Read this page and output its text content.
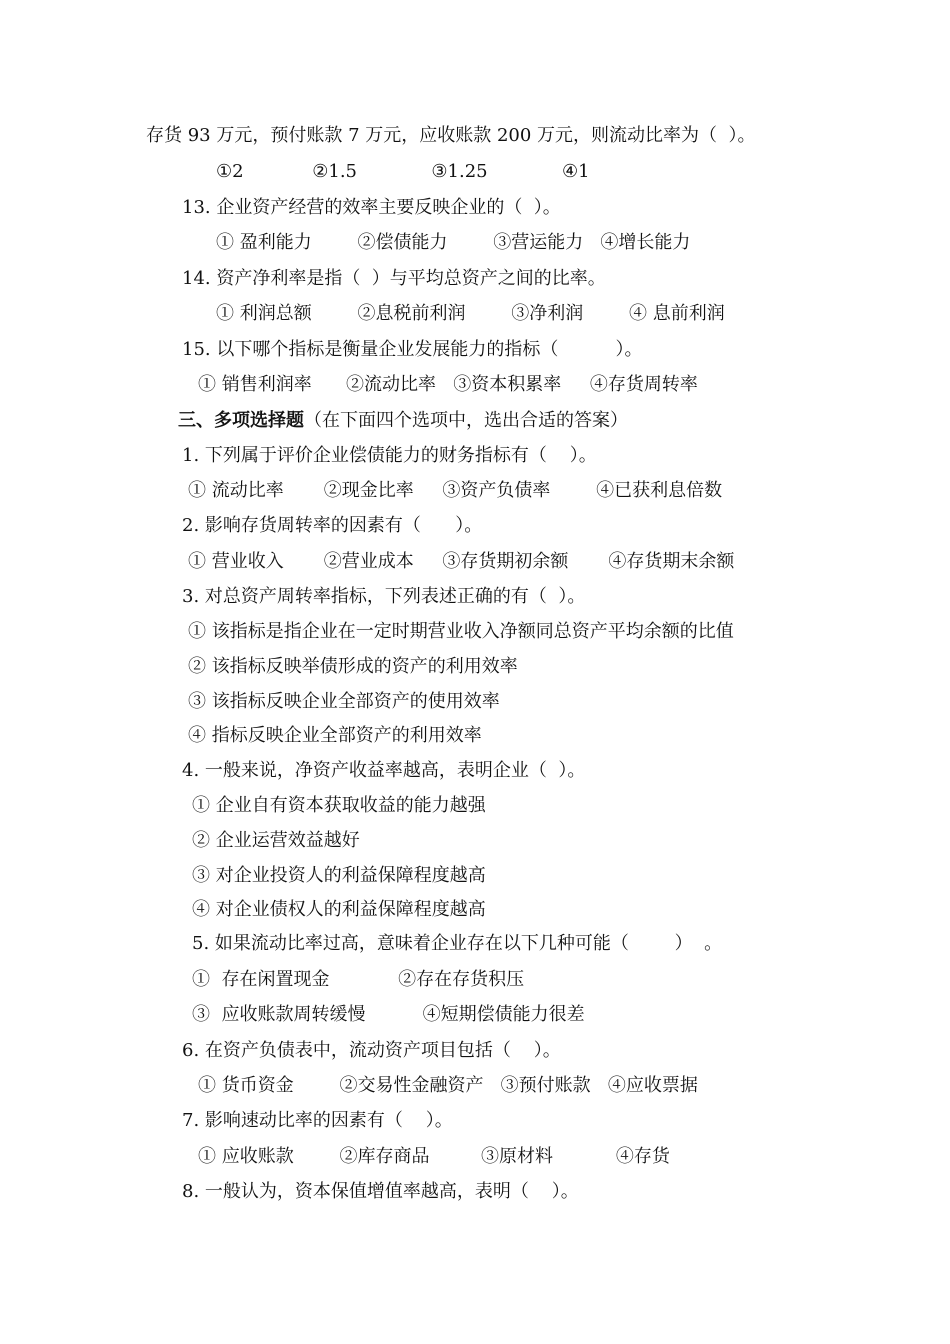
存货 93 万元，预付账款 7 万元，应收账款 200 万元，则流动比率为（  ）。
①2            ②1.5             ③1.25             ④1
13. 企业资产经营的效率主要反映企业的（  ）。
① 盈利能力        ②偿债能力        ③营运能力   ④增长能力
14. 资产净利率是指（  ）与平均总资产之间的比率。
① 利润总额        ②息税前利润        ③净利润        ④ 息前利润
15. 以下哪个指标是衡量企业发展能力的指标（          ）。
① 销售利润率      ②流动比率   ③资本积累率     ④存货周转率
三、多项选择题（在下面四个选项中，选出合适的答案）
1. 下列属于评价企业偿债能力的财务指标有（    ）。
① 流动比率       ②现金比率     ③资产负债率        ④已获利息倍数
2. 影响存货周转率的因素有（      ）。
① 营业收入       ②营业成本     ③存货期初余额       ④存货期末余额
3. 对总资产周转率指标，下列表述正确的有（  ）。
① 该指标是指企业在一定时期营业收入净额同总资产平均余额的比值
② 该指标反映举债形成的资产的利用效率
③ 该指标反映企业全部资产的使用效率
④ 指标反映企业全部资产的利用效率
4. 一般来说，净资产收益率越高，表明企业（  ）。
① 企业自有资本获取收益的能力越强
② 企业运营效益越好
③ 对企业投资人的利益保障程度越高
④ 对企业债权人的利益保障程度越高
5. 如果流动比率过高，意味着企业存在以下几种可能（        ）  。
①  存在闲置现金            ②存在存货积压
③  应收账款周转缓慢          ④短期偿债能力很差
6. 在资产负债表中，流动资产项目包括（    ）。
① 货币资金        ②交易性金融资产   ③预付账款   ④应收票据
7. 影响速动比率的因素有（    ）。
① 应收账款        ②库存商品         ③原材料           ④存货
8. 一般认为，资本保值增值率越高，表明（    ）。
